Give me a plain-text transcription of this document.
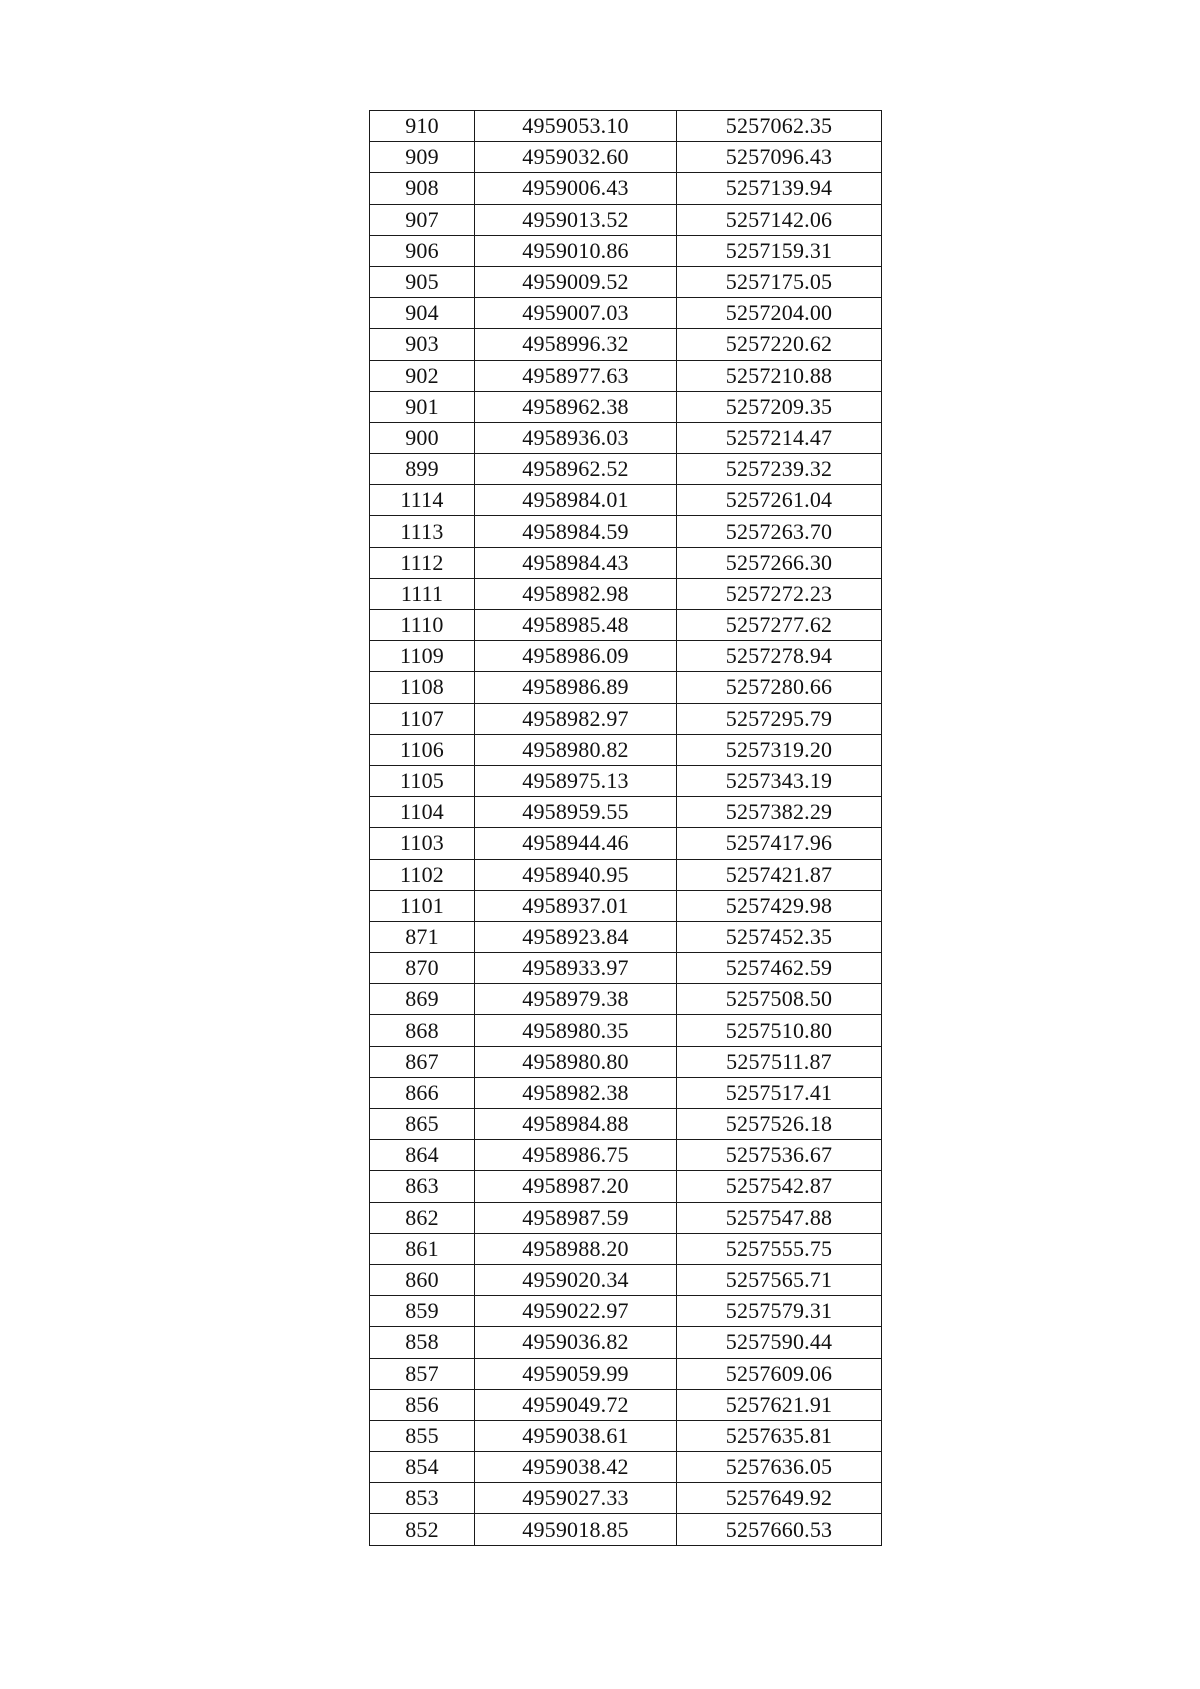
910	4959053.10	5257062.35
909	4959032.60	5257096.43
908	4959006.43	5257139.94
907	4959013.52	5257142.06
906	4959010.86	5257159.31
905	4959009.52	5257175.05
904	4959007.03	5257204.00
903	4958996.32	5257220.62
902	4958977.63	5257210.88
901	4958962.38	5257209.35
900	4958936.03	5257214.47
899	4958962.52	5257239.32
1114	4958984.01	5257261.04
1113	4958984.59	5257263.70
1112	4958984.43	5257266.30
1111	4958982.98	5257272.23
1110	4958985.48	5257277.62
1109	4958986.09	5257278.94
1108	4958986.89	5257280.66
1107	4958982.97	5257295.79
1106	4958980.82	5257319.20
1105	4958975.13	5257343.19
1104	4958959.55	5257382.29
1103	4958944.46	5257417.96
1102	4958940.95	5257421.87
1101	4958937.01	5257429.98
871	4958923.84	5257452.35
870	4958933.97	5257462.59
869	4958979.38	5257508.50
868	4958980.35	5257510.80
867	4958980.80	5257511.87
866	4958982.38	5257517.41
865	4958984.88	5257526.18
864	4958986.75	5257536.67
863	4958987.20	5257542.87
862	4958987.59	5257547.88
861	4958988.20	5257555.75
860	4959020.34	5257565.71
859	4959022.97	5257579.31
858	4959036.82	5257590.44
857	4959059.99	5257609.06
856	4959049.72	5257621.91
855	4959038.61	5257635.81
854	4959038.42	5257636.05
853	4959027.33	5257649.92
852	4959018.85	5257660.53
